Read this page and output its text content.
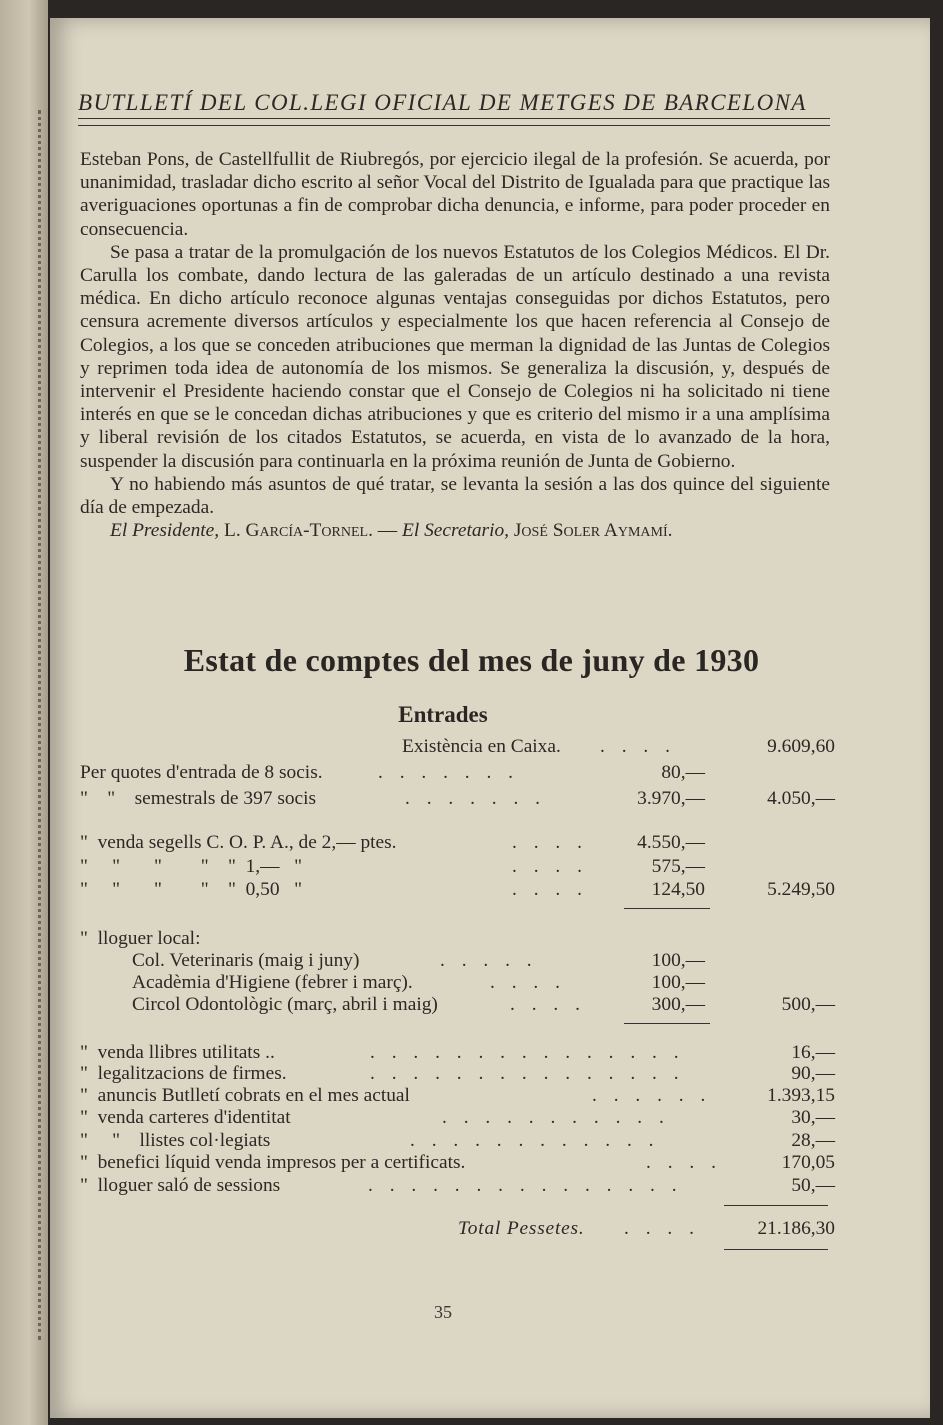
BUTLLETÍ DEL COL.LEGI OFICIAL DE METGES DE BARCELONA

Esteban Pons, de Castellfullit de Riubregós, por ejercicio ilegal de la profesión. Se acuerda, por unanimidad, trasladar dicho escrito al señor Vocal del Distrito de Igualada para que practique las averiguaciones oportunas a fin de comprobar dicha denuncia, e informe, para poder proceder en consecuencia.

Se pasa a tratar de la promulgación de los nuevos Estatutos de los Colegios Médicos. El Dr. Carulla los combate, dando lectura de las galeradas de un artículo destinado a una revista médica. En dicho artículo reconoce algunas ventajas conseguidas por dichos Estatutos, pero censura acremente diversos artículos y especialmente los que hacen referencia al Consejo de Colegios, a los que se conceden atribuciones que merman la dignidad de las Juntas de Colegios y reprimen toda idea de autonomía de los mismos. Se generaliza la discusión, y, después de intervenir el Presidente haciendo constar que el Consejo de Colegios ni ha solicitado ni tiene interés en que se le concedan dichas atribuciones y que es criterio del mismo ir a una amplísima y liberal revisión de los citados Estatutos, se acuerda, en vista de lo avanzado de la hora, suspender la discusión para continuarla en la próxima reunión de Junta de Gobierno.

Y no habiendo más asuntos de qué tratar, se levanta la sesión a las dos quince del siguiente día de empezada.

El Presidente, L. García-Tornel. — El Secretario, José Soler Aymamí.

Estat de comptes del mes de juny de 1930
Entrades
Existència en Caixa. . . . .	9.609,60
Per quotes d'entrada de 8 socis.	. . . . . . .	80,—
"    "    semestrals de 397 socis	. . . . . . .	3.970,—	4.050,—
"  venda segells C. O. P. A., de 2,— ptes.	. . . .	4.550,—
"     "       "        "    "  1,—   "	. . . .	575,—
"     "       "        "    "  0,50   "	. . . .	124,50	5.249,50
"  lloguer local:
Col. Veterinaris (maig i juny)	. . . . .	100,—
Acadèmia d'Higiene (febrer i març).	. . . .	100,—
Circol Odontològic (març, abril i maig)	. . . .	300,—	500,—
"  venda llibres utilitats ..	. . . . . . . . . . . . . . .	16,—
"  legalitzacions de firmes.	. . . . . . . . . . . . . . .	90,—
"  anuncis Butlletí cobrats en el mes actual	. . . . . .	1.393,15
"  venda carteres d'identitat	. . . . . . . . . . .	30,—
"     "    llistes col·legiats	. . . . . . . . . . . .	28,—
"  benefici líquid venda impresos per a certificats.	. . . .	170,05
"  lloguer saló de sessions	. . . . . . . . . . . . . . .	50,—
Total Pessetes. . . . .	21.186,30
35
